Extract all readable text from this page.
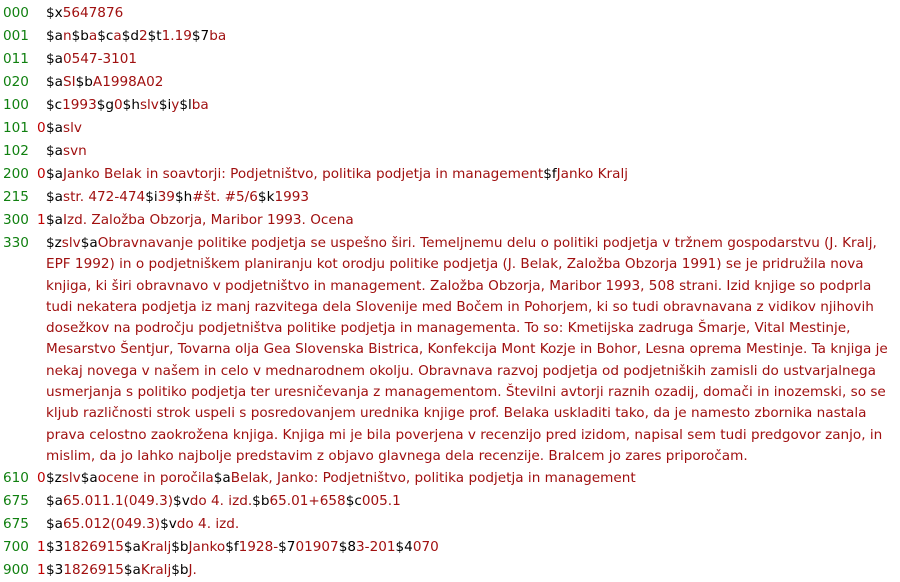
000	$x5647876
001	$an$ba$ca$d2$t1.19$7ba
011	$a0547-3101
020	$aSI$bA1998A02
100	$c1993$g0$hslv$iy$lba
101 0 $aslv
102	$asvn
200 0 $aJanko Belak in soavtorji: Podjetništvo, politika podjetja in management$fJanko Kralj
215	$astr. 472-474$i39$h#št. #5/6$k1993
300 1 $aIzd. Založba Obzorja, Maribor 1993. Ocena
330	$zslv$aObravnavanje politike podjetja se uspešno širi. Temeljnemu delu o politiki podjetja v tržnem gospodarstvu (J. Kralj, EPF 1992) in o podjetniškem planiranju kot orodju politike podjetja (J. Belak, Založba Obzorja 1991) se je pridružila nova knjiga, ki širi obravnavo v podjetništvo in management. Založba Obzorja, Maribor 1993, 508 strani. Izid knjige so podprla tudi nekatera podjetja iz manj razvitega dela Slovenije med Bočem in Pohorjem, ki so tudi obravnavana z vidikov njihovih dosežkov na področju podjetništva politike podjetja in managementa. To so: Kmetijska zadruga Šmarje, Vital Mestinje, Mesarstvo Šentjur, Tovarna olja Gea Slovenska Bistrica, Konfekcija Mont Kozje in Bohor, Lesna oprema Mestinje. Ta knjiga je nekaj novega v našem in celo v mednarodnem okolju. Obravnava razvoj podjetja od podjetniških zamisli do ustvarjalnega usmerjanja s politiko podjetja ter uresničevanja z managementom. Številni avtorji raznih ozadij, domači in inozemski, so se kljub različnosti strok uspeli s posredovanjem urednika knjige prof. Belaka uskladiti tako, da je namesto zbornika nastala prava celostno zaokrožena knjiga. Knjiga mi je bila poverjena v recenzijo pred izidom, napisal sem tudi predgovor zanjo, in mislim, da jo lahko najbolje predstavim z objavo glavnega dela recenzije. Bralcem jo zares priporočam.
610 0 $zslv$aocene in poročila$aBelak, Janko: Podjetništvo, politika podjetja in management
675	$a65.011.1(049.3)$vdo 4. izd.$b65.01+658$c005.1
675	$a65.012(049.3)$vdo 4. izd.
700 1 $31826915$aKralj$bJanko$f1928-$701907$83-201$4070
900 1 $31826915$aKralj$bJ.
